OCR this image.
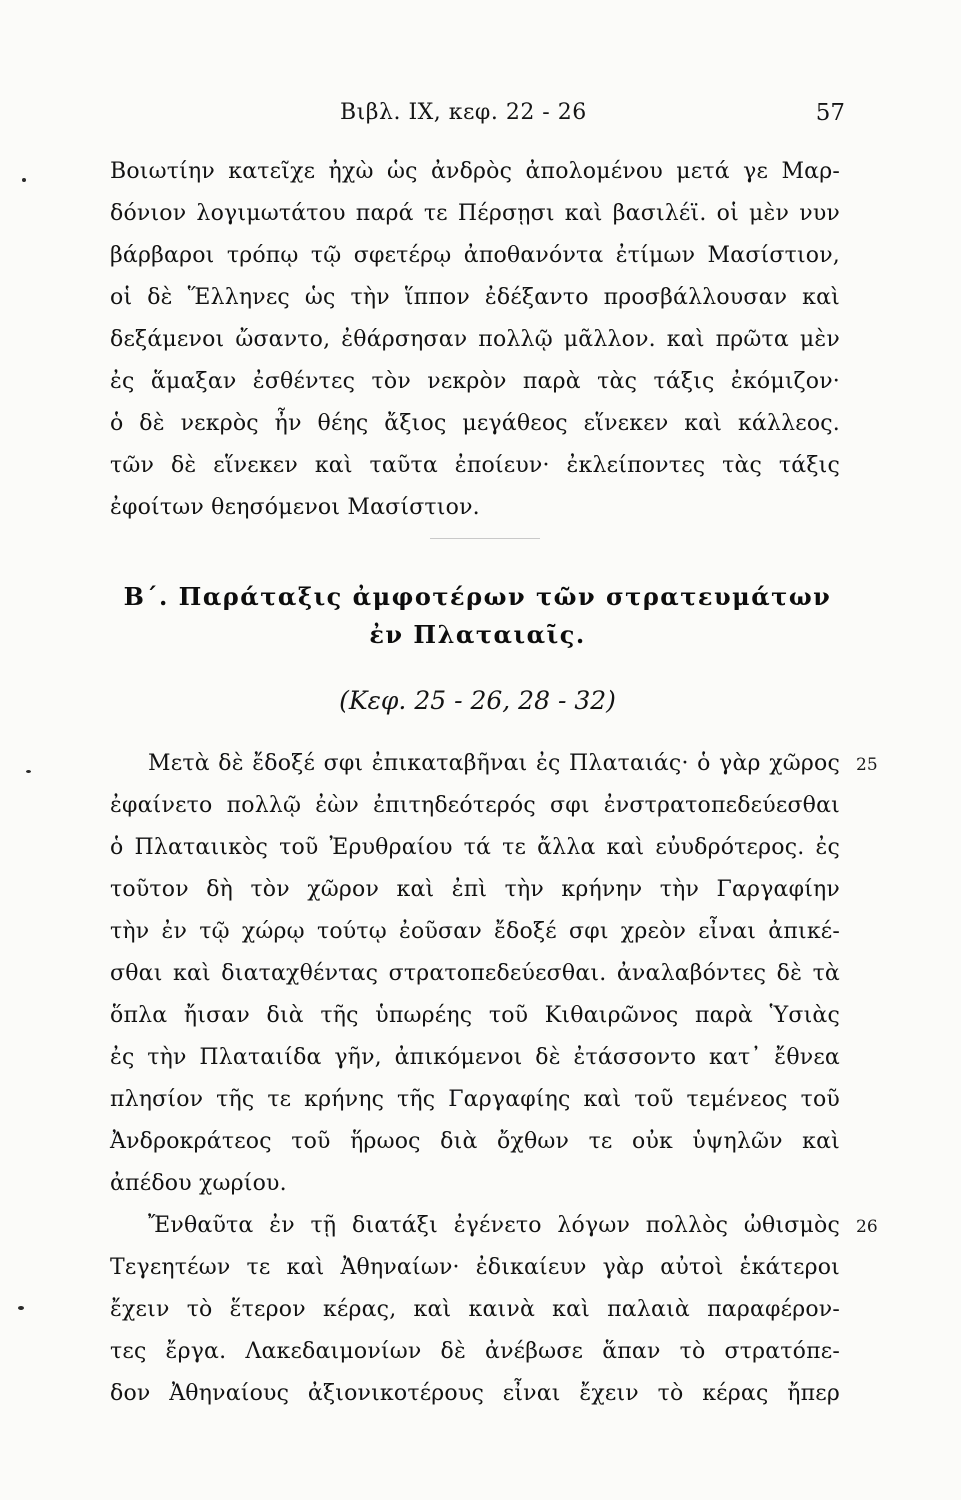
Βιβλ. ΙΧ, κεφ. 22 - 26	57
Βοιωτίην κατεῖχε ἠχὼ ὡς ἀνδρὸς ἀπολομένου μετά γε Μαρ-
δόνιον λογιμωτάτου παρά τε Πέρσῃσι καὶ βασιλέϊ. οἱ μὲν νυν
βάρβαροι τρόπῳ τῷ σφετέρῳ ἀποθανόντα ἐτίμων Μασίστιον,
οἱ δὲ Ἕλληνες ὡς τὴν ἵππον ἐδέξαντο προσβάλλουσαν καὶ
δεξάμενοι ὤσαντο, ἐθάρσησαν πολλῷ μᾶλλον. καὶ πρῶτα μὲν
ἐς ἅμαξαν ἐσθέντες τὸν νεκρὸν παρὰ τὰς τάξις ἐκόμιζον·
ὁ δὲ νεκρὸς ἦν θέης ἄξιος μεγάθεος εἵνεκεν καὶ κάλλεος.
τῶν δὲ εἵνεκεν καὶ ταῦτα ἐποίευν· ἐκλείποντες τὰς τάξις
ἐφοίτων θεησόμενοι Μασίστιον.
Β΄. Παράταξις ἀμφοτέρων τῶν στρατευμάτων
ἐν Πλαταιαῖς.
(Κεφ. 25 - 26, 28 - 32)
Μετὰ δὲ ἔδοξέ σφι ἐπικαταβῆναι ἐς Πλαταιάς· ὁ γὰρ χῶρος 25
ἐφαίνετο πολλῷ ἐὼν ἐπιτηδεότερός σφι ἐνστρατοπεδεύεσθαι
ὁ Πλαταιικὸς τοῦ Ἐρυθραίου τά τε ἄλλα καὶ εὐυδρότερος. ἐς
τοῦτον δὴ τὸν χῶρον καὶ ἐπὶ τὴν κρήνην τὴν Γαργαφίην
τὴν ἐν τῷ χώρῳ τούτῳ ἐοῦσαν ἔδοξέ σφι χρεὸν εἶναι ἀπικέ-
σθαι καὶ διαταχθέντας στρατοπεδεύεσθαι. ἀναλαβόντες δὲ τὰ
ὅπλα ἤισαν διὰ τῆς ὑπωρέης τοῦ Κιθαιρῶνος παρὰ Ὑσιὰς
ἐς τὴν Πλαταιίδα γῆν, ἀπικόμενοι δὲ ἐτάσσοντο κατ᾽ ἔθνεα
πλησίον τῆς τε κρήνης τῆς Γαργαφίης καὶ τοῦ τεμένεος τοῦ
Ἀνδροκράτεος τοῦ ἥρωος διὰ ὄχθων τε οὐκ ὑψηλῶν καὶ
ἀπέδου χωρίου.
Ἔνθαῦτα ἐν τῇ διατάξι ἐγένετο λόγων πολλὸς ὠθισμὸς 26
Τεγεητέων τε καὶ Ἀθηναίων· ἐδικαίευν γὰρ αὐτοὶ ἑκάτεροι
ἔχειν τὸ ἕτερον κέρας, καὶ καινὰ καὶ παλαιὰ παραφέρον-
τες ἔργα. Λακεδαιμονίων δὲ ἀνέβωσε ἅπαν τὸ στρατόπε-
δον Ἀθηναίους ἀξιονικοτέρους εἶναι ἔχειν τὸ κέρας ἤπερ
